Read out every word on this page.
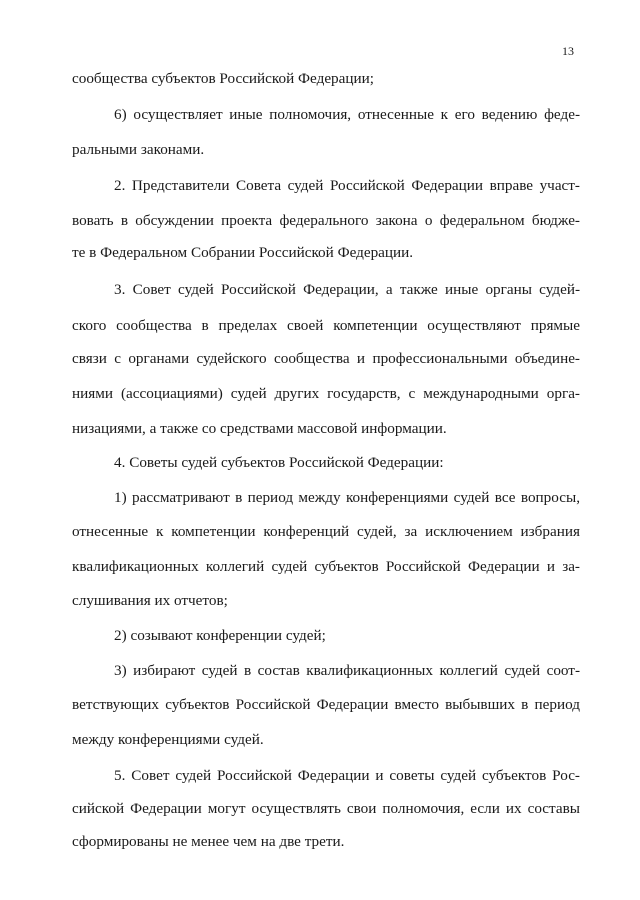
13
сообщества субъектов Российской Федерации;
6) осуществляет иные полномочия, отнесенные к его ведению феде-
ральными законами.
2. Представители Совета судей Российской Федерации вправе участ-
вовать в обсуждении проекта федерального закона о федеральном бюдже-
те в Федеральном Собрании Российской Федерации.
3. Совет судей Российской Федерации, а также иные органы судей-
ского сообщества в пределах своей компетенции осуществляют прямые
связи с органами судейского сообщества и профессиональными объедине-
ниями (ассоциациями) судей других государств, с международными орга-
низациями, а также со средствами массовой информации.
4. Советы судей субъектов Российской Федерации:
1) рассматривают в период между конференциями судей все вопросы,
отнесенные к компетенции конференций судей, за исключением избрания
квалификационных коллегий судей субъектов Российской Федерации и за-
слушивания их отчетов;
2) созывают конференции судей;
3) избирают судей в состав квалификационных коллегий судей соот-
ветствующих субъектов Российской Федерации вместо выбывших в период
между конференциями судей.
5. Совет судей Российской Федерации и советы судей субъектов Рос-
сийской Федерации могут осуществлять свои полномочия, если их составы
сформированы не менее чем на две трети.
